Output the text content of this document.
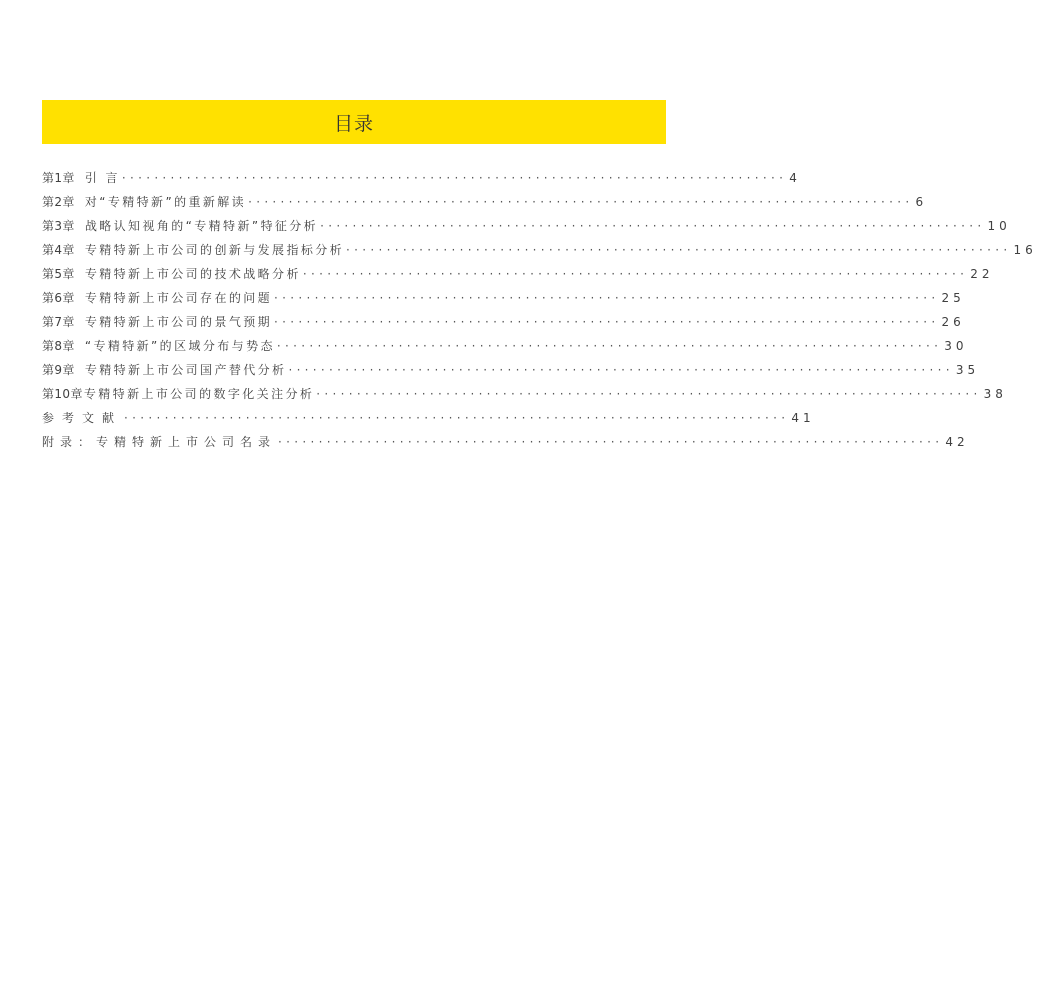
目录
第1章 引 言 ·················································································· 4
第2章 对“专精特新”的重新解读 ·················································································· 6
第3章 战略认知视角的“专精特新”特征分析 ·················································································· 10
第4章 专精特新上市公司的创新与发展指标分析 ·················································································· 16
第5章 专精特新上市公司的技术战略分析 ·················································································· 22
第6章 专精特新上市公司存在的问题 ·················································································· 25
第7章 专精特新上市公司的景气预期 ·················································································· 26
第8章 “专精特新”的区域分布与势态 ·················································································· 30
第9章 专精特新上市公司国产替代分析 ·················································································· 35
第10章 专精特新上市公司的数字化关注分析 ·················································································· 38
参考文献 ·················································································· 41
附录：专精特新上市公司名录 ·················································································· 42
